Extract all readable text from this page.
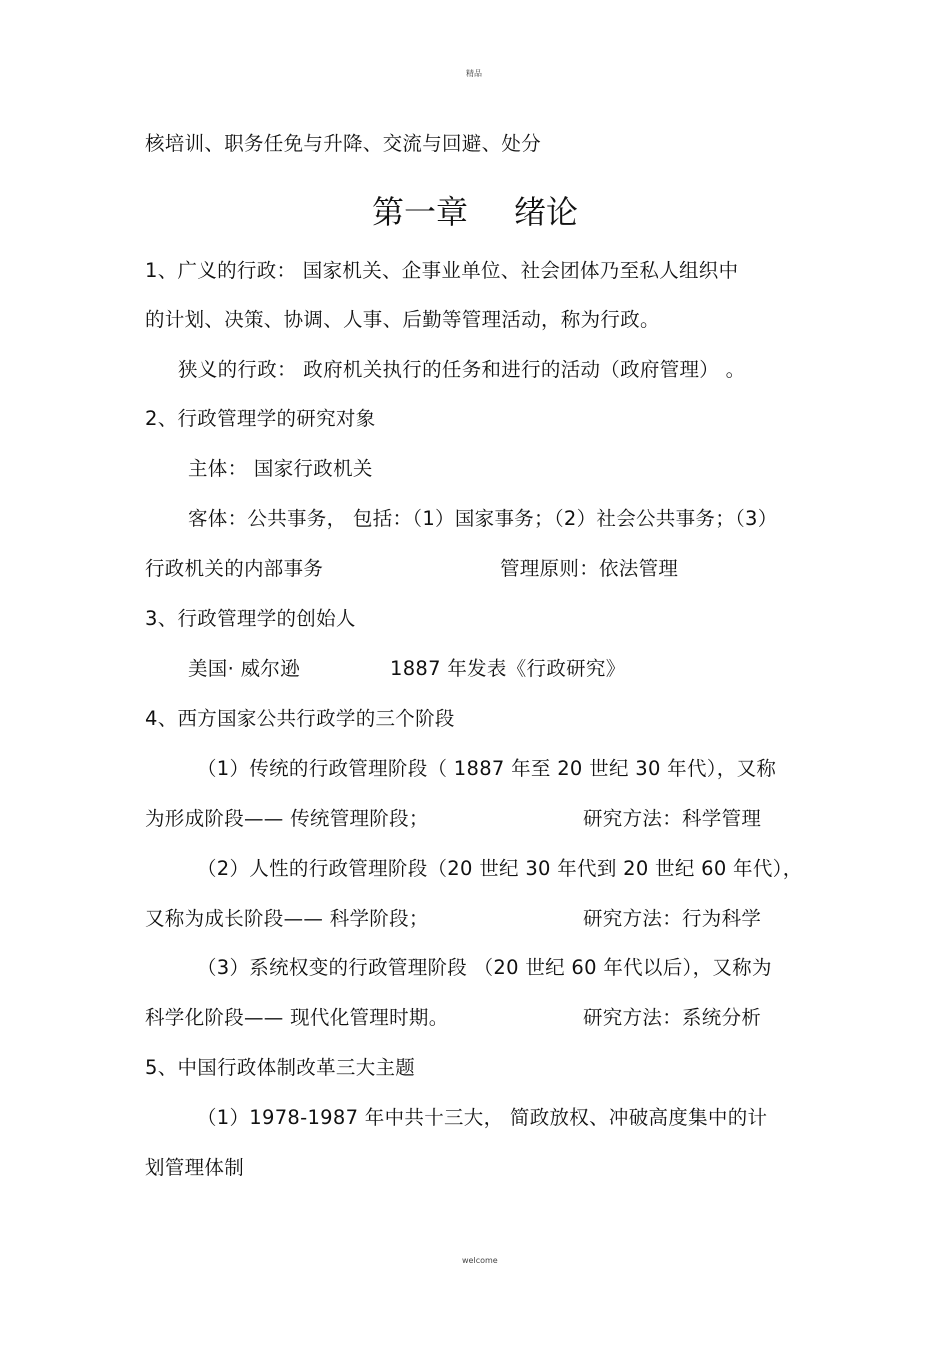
精品

核培训、职务任免与升降、交流与回避、处分

第一章 绪论

1、广义的行政： 国家机关、企事业单位、社会团体乃至私人组织中

的计划、决策、协调、人事、后勤等管理活动，称为行政。

狭义的行政： 政府机关执行的任务和进行的活动（政府管理） 。

2、行政管理学的研究对象

主体： 国家行政机关

客体：公共事务， 包括：（1）国家事务；（2）社会公共事务；（3）

行政机关的内部事务	管理原则：依法管理

3、行政管理学的创始人

美国· 威尔逊	1887 年发表《行政研究》

4、西方国家公共行政学的三个阶段

（1）传统的行政管理阶段（ 1887 年至 20 世纪 30 年代），又称

为形成阶段—— 传统管理阶段；	研究方法：科学管理

（2）人性的行政管理阶段（20 世纪 30 年代到 20 世纪 60 年代），

又称为成长阶段—— 科学阶段；	研究方法：行为科学

（3）系统权变的行政管理阶段 （20 世纪 60 年代以后），又称为

科学化阶段—— 现代化管理时期。	研究方法：系统分析

5、中国行政体制改革三大主题

（1）1978-1987 年中共十三大， 简政放权、冲破高度集中的计

划管理体制

welcome
